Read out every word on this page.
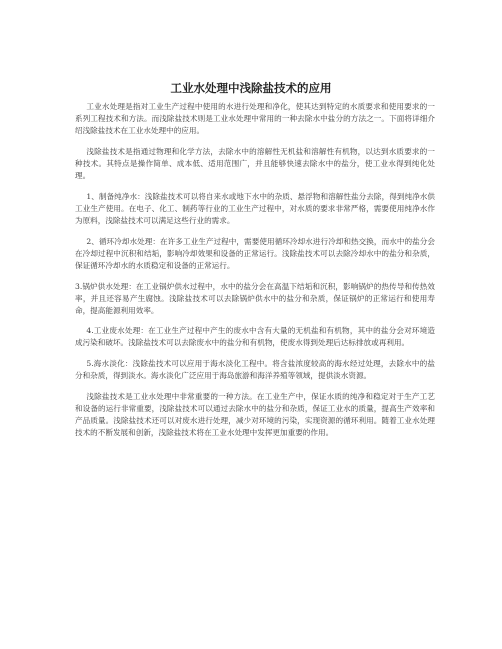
工业水处理中浅除盐技术的应用

工业水处理是指对工业生产过程中使用的水进行处理和净化，使其达到特定的水质要求和使用要求的一系列工程技术和方法。而浅除盐技术则是工业水处理中常用的一种去除水中盐分的方法之一。下面将详细介绍浅除盐技术在工业水处理中的应用。

浅除盐技术是指通过物理和化学方法，去除水中的溶解性无机盐和溶解性有机物，以达到水质要求的一种技术。其特点是操作简单、成本低、适用范围广，并且能够快速去除水中的盐分，使工业水得到纯化处理。

1、制备纯净水：浅除盐技术可以将自来水或地下水中的杂质、悬浮物和溶解性盐分去除，得到纯净水供工业生产使用。在电子、化工、制药等行业的工业生产过程中，对水质的要求非常严格，需要使用纯净水作为原料，浅除盐技术可以满足这些行业的需求。

2、循环冷却水处理：在许多工业生产过程中，需要使用循环冷却水进行冷却和热交换，而水中的盐分会在冷却过程中沉积和结垢，影响冷却效果和设备的正常运行。浅除盐技术可以去除冷却水中的盐分和杂质，保证循环冷却水的水质稳定和设备的正常运行。

3.锅炉供水处理：在工业锅炉供水过程中，水中的盐分会在高温下结垢和沉积，影响锅炉的热传导和传热效率，并且还容易产生腐蚀。浅除盐技术可以去除锅炉供水中的盐分和杂质，保证锅炉的正常运行和使用寿命，提高能源利用效率。

4.工业废水处理：在工业生产过程中产生的废水中含有大量的无机盐和有机物，其中的盐分会对环境造成污染和破坏。浅除盐技术可以去除废水中的盐分和有机物，使废水得到处理后达标排放或再利用。

5.海水淡化：浅除盐技术可以应用于海水淡化工程中。将含盐浓度较高的海水经过处理，去除水中的盐分和杂质，得到淡水。海水淡化广泛应用于海岛旅游和海洋养殖等领域，提供淡水资源。

浅除盐技术是工业水处理中非常重要的一种方法。在工业生产中，保证水质的纯净和稳定对于生产工艺和设备的运行非常重要，浅除盐技术可以通过去除水中的盐分和杂质，保证工业水的质量，提高生产效率和产品质量。浅除盐技术还可以对废水进行处理，减少对环境的污染，实现资源的循环利用。随着工业水处理技术的不断发展和创新，浅除盐技术将在工业水处理中发挥更加重要的作用。
